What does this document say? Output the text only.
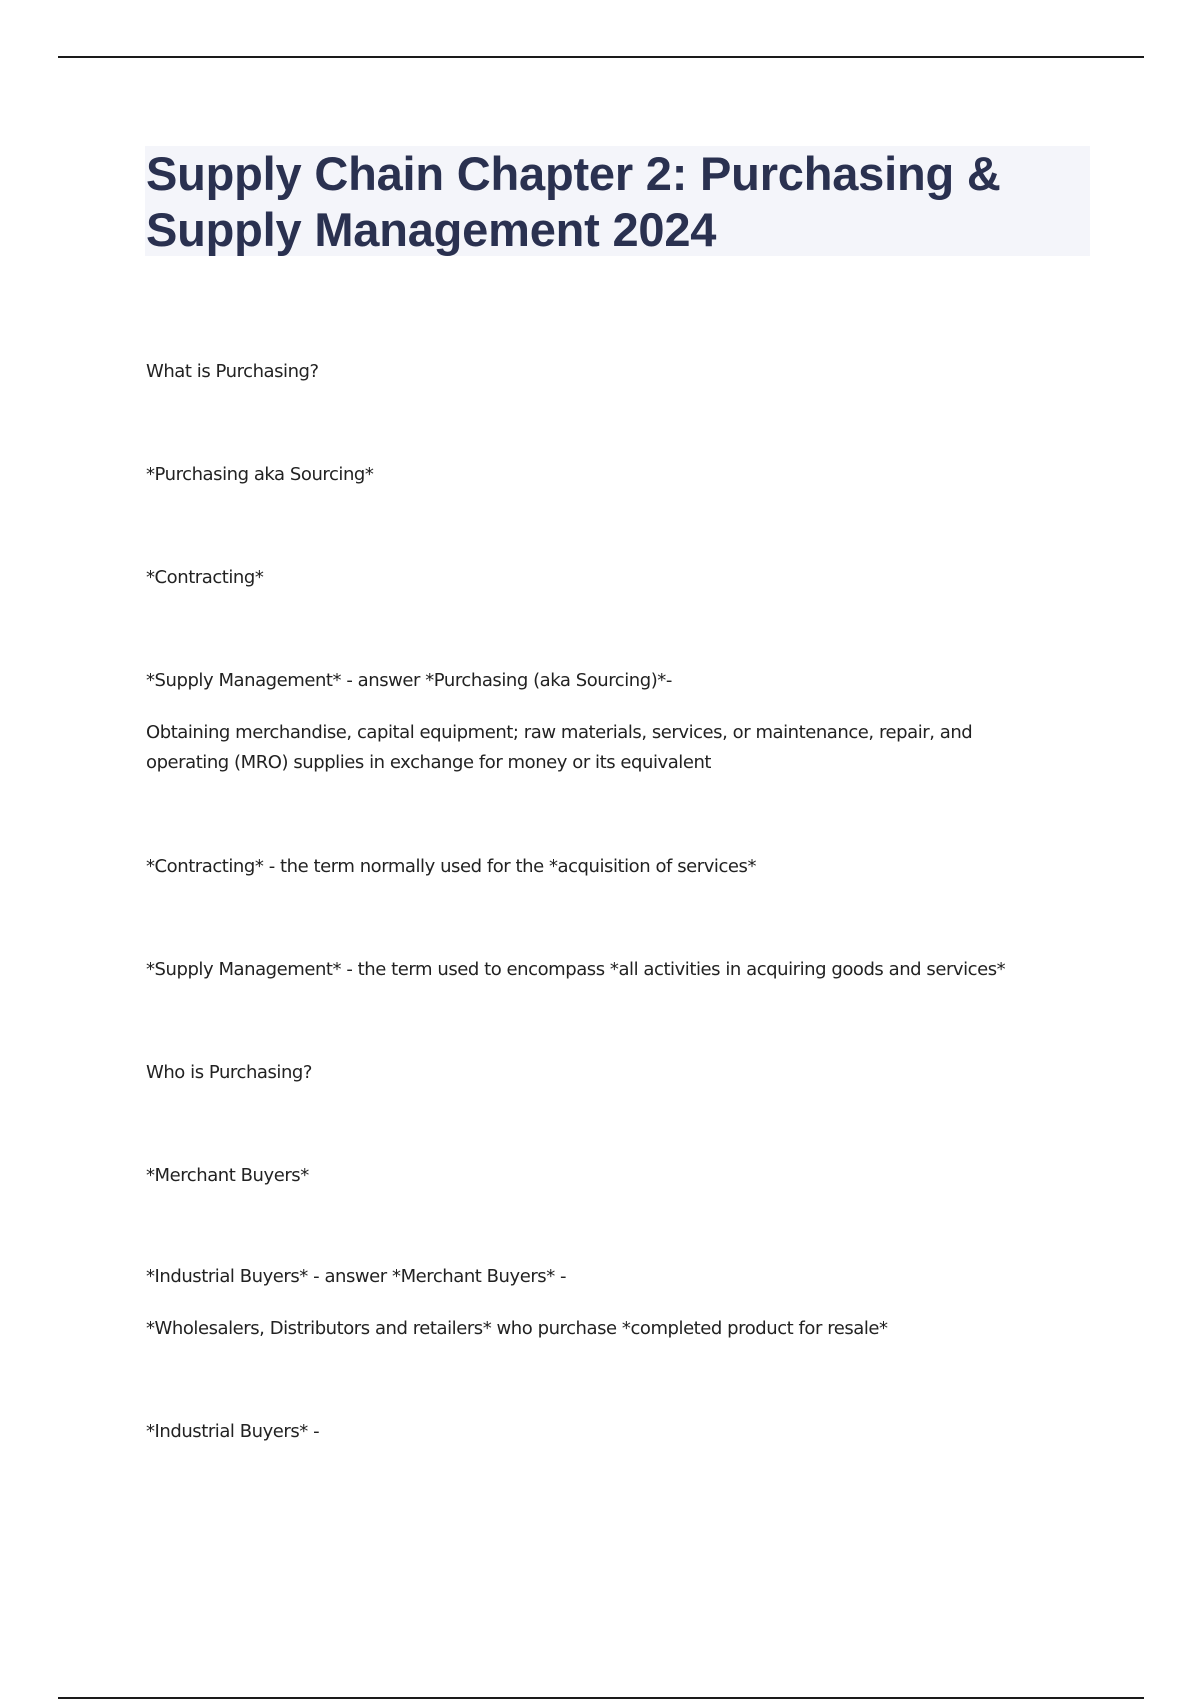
Supply Chain Chapter 2: Purchasing & Supply Management 2024

What is Purchasing?

*Purchasing aka Sourcing*

*Contracting*

*Supply Management* - answer *Purchasing (aka Sourcing)*-

Obtaining merchandise, capital equipment; raw materials, services, or maintenance, repair, and operating (MRO) supplies in exchange for money or its equivalent

*Contracting* - the term normally used for the *acquisition of services*

*Supply Management* - the term used to encompass *all activities in acquiring goods and services*

Who is Purchasing?

*Merchant Buyers*

*Industrial Buyers* - answer *Merchant Buyers* -

*Wholesalers, Distributors and retailers* who purchase *completed product for resale*

*Industrial Buyers* -
